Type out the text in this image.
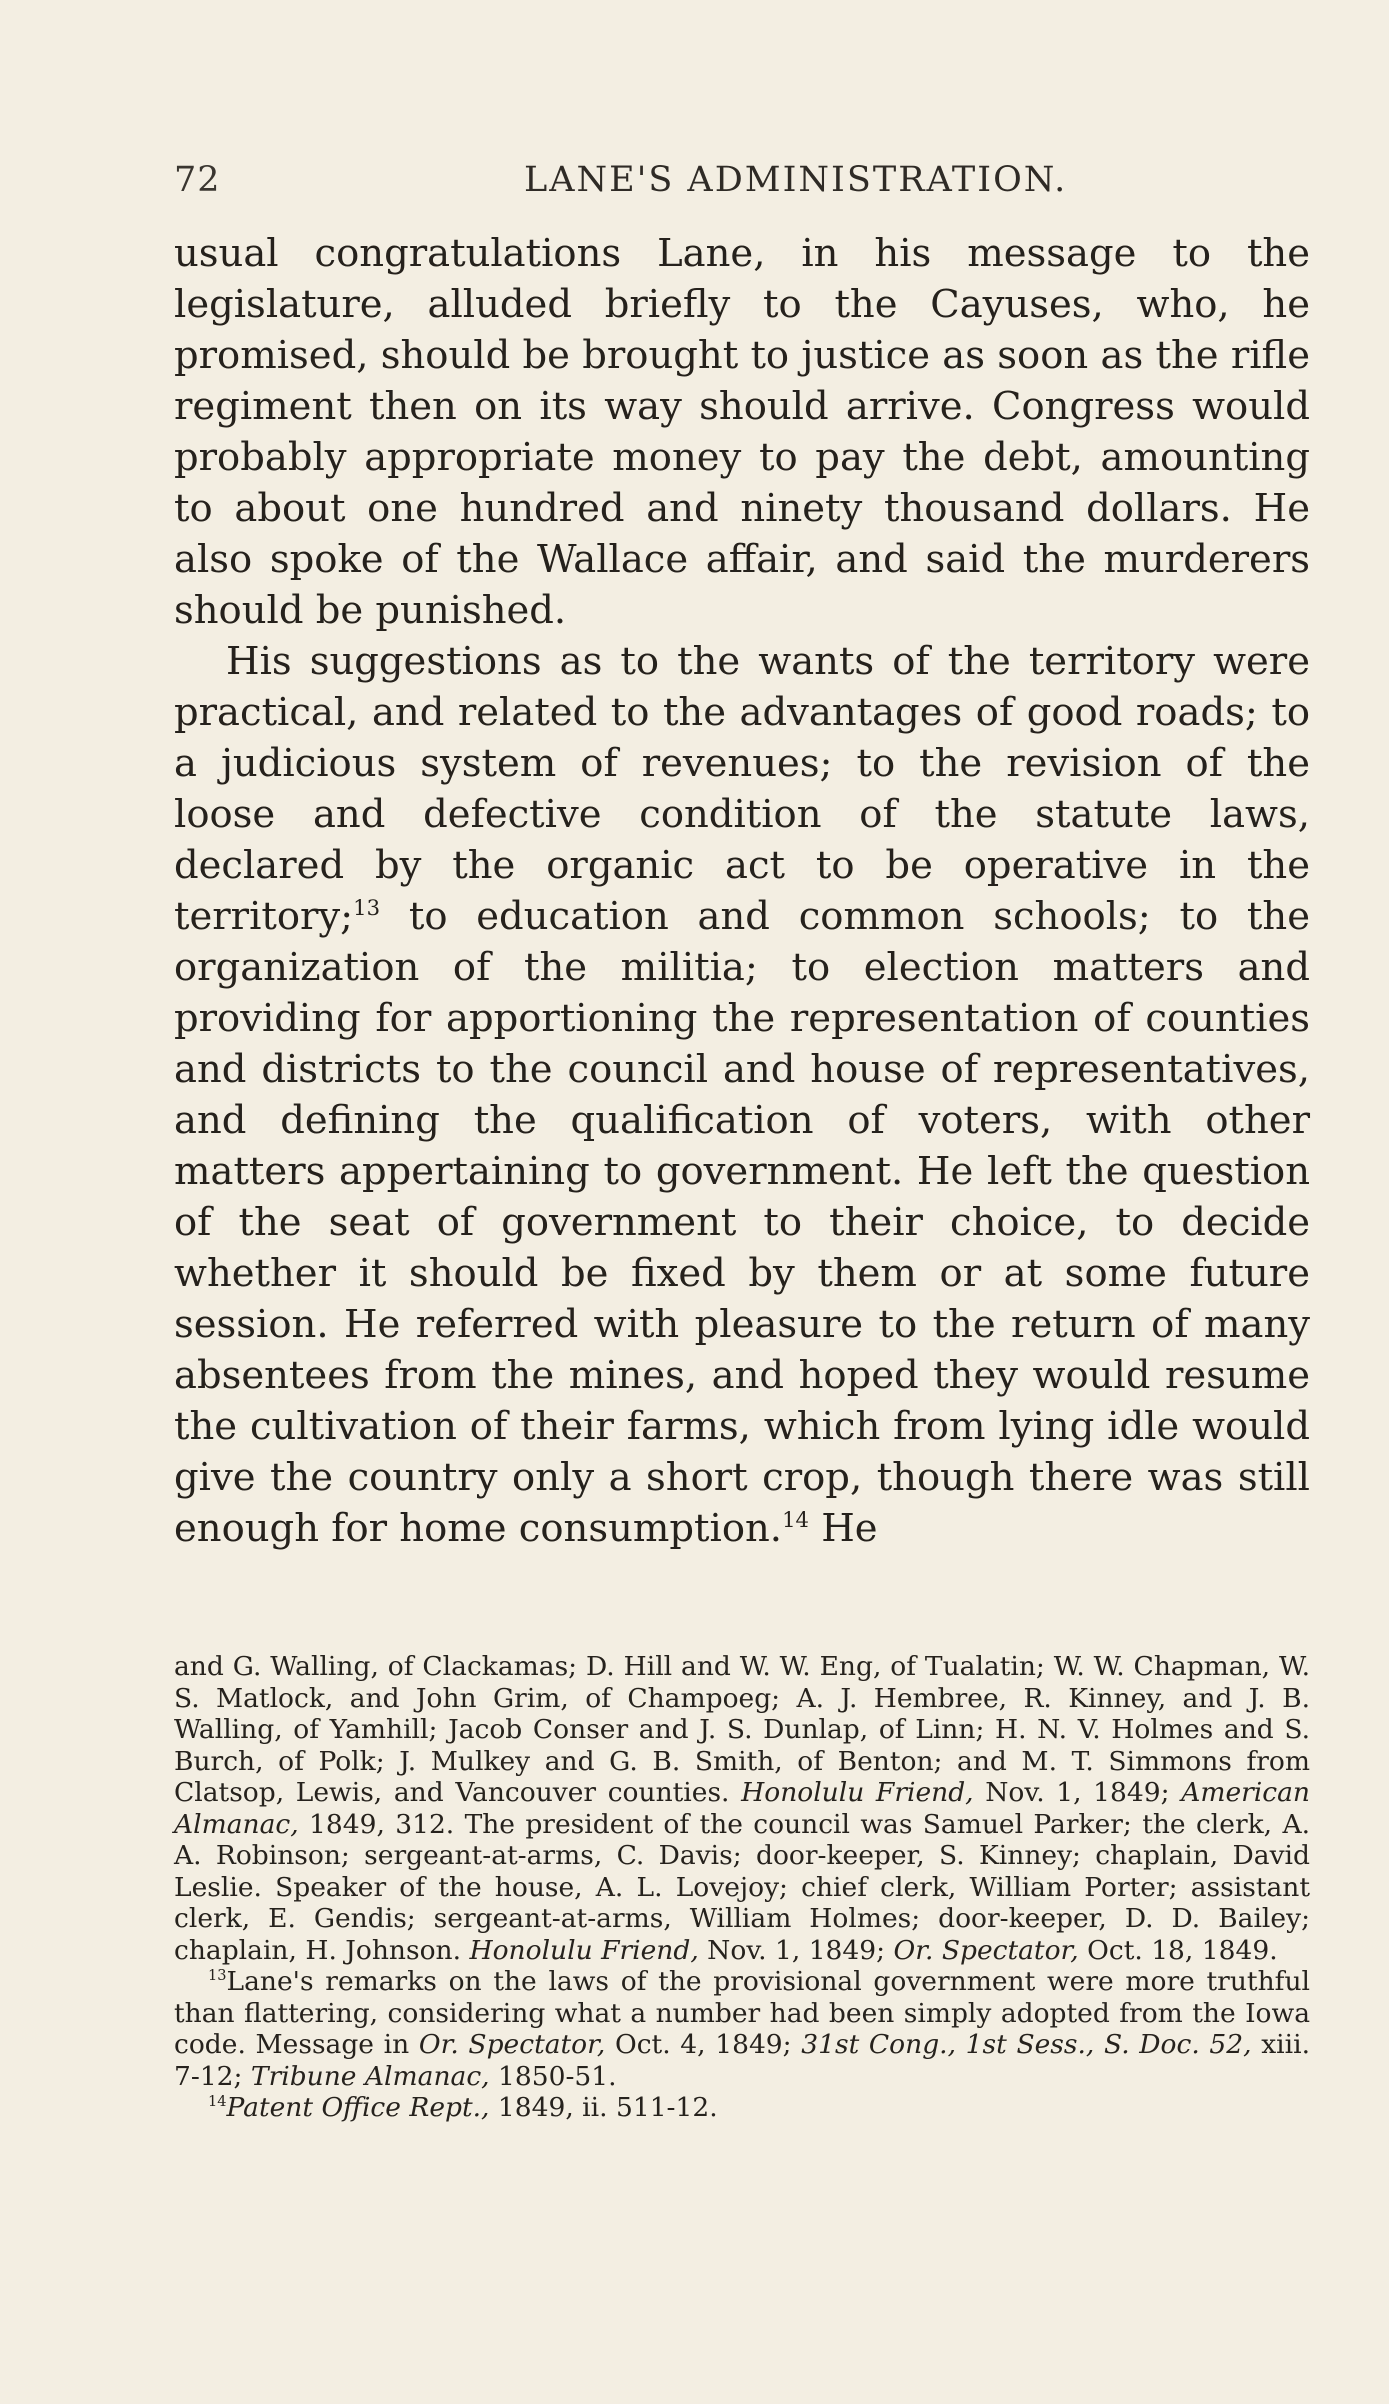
72	LANE'S ADMINISTRATION.

usual congratulations Lane, in his message to the legislature, alluded briefly to the Cayuses, who, he promised, should be brought to justice as soon as the rifle regiment then on its way should arrive. Congress would probably appropriate money to pay the debt, amounting to about one hundred and ninety thousand dollars. He also spoke of the Wallace affair, and said the murderers should be punished.

His suggestions as to the wants of the territory were practical, and related to the advantages of good roads; to a judicious system of revenues; to the revision of the loose and defective condition of the statute laws, declared by the organic act to be operative in the territory;$^{13}$ to education and common schools; to the organization of the militia; to election matters and providing for apportioning the representation of counties and districts to the council and house of representatives, and defining the qualification of voters, with other matters appertaining to government. He left the question of the seat of government to their choice, to decide whether it should be fixed by them or at some future session. He referred with pleasure to the return of many absentees from the mines, and hoped they would resume the cultivation of their farms, which from lying idle would give the country only a short crop, though there was still enough for home consumption.$^{14}$ He

and G. Walling, of Clackamas; D. Hill and W. W. Eng, of Tualatin; W. W. Chapman, W. S. Matlock, and John Grim, of Champoeg; A. J. Hembree, R. Kinney, and J. B. Walling, of Yamhill; Jacob Conser and J. S. Dunlap, of Linn; H. N. V. Holmes and S. Burch, of Polk; J. Mulkey and G. B. Smith, of Benton; and M. T. Simmons from Clatsop, Lewis, and Vancouver counties. Honolulu Friend, Nov. 1, 1849; American Almanac, 1849, 312. The president of the council was Samuel Parker; the clerk, A. A. Robinson; sergeant-at-arms, C. Davis; door-keeper, S. Kinney; chaplain, David Leslie. Speaker of the house, A. L. Lovejoy; chief clerk, William Porter; assistant clerk, E. Gendis; sergeant-at-arms, William Holmes; door-keeper, D. D. Bailey; chaplain, H. Johnson. Honolulu Friend, Nov. 1, 1849; Or. Spectator, Oct. 18, 1849.

$^{13}$Lane's remarks on the laws of the provisional government were more truthful than flattering, considering what a number had been simply adopted from the Iowa code. Message in Or. Spectator, Oct. 4, 1849; 31st Cong., 1st Sess., S. Doc. 52, xiii. 7-12; Tribune Almanac, 1850-51.

$^{14}$Patent Office Rept., 1849, ii. 511-12.
